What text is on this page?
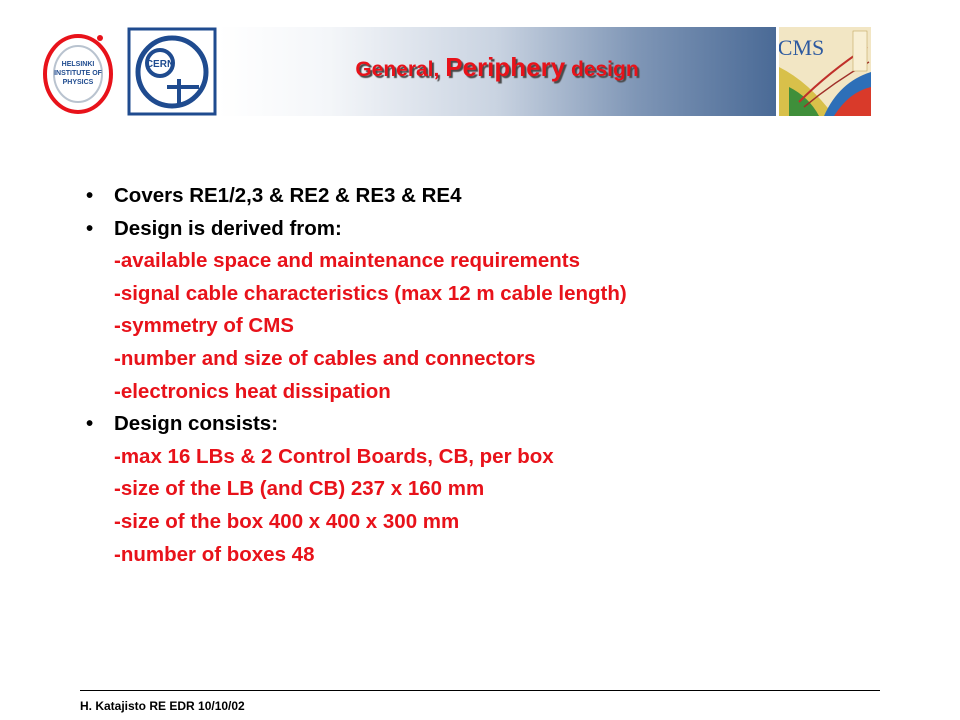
HELSINKI
INSTITUTE OF
PHYSICS
CERN	General, Periphery design
CMS
• Covers RE1/2,3 & RE2 & RE3 & RE4
• Design is derived from:
-available space and maintenance requirements
-signal cable characteristics (max 12 m cable length)
-symmetry of CMS
-number and size of cables and connectors
-electronics heat dissipation
• Design consists:
-max 16 LBs & 2 Control Boards, CB, per box
-size of the LB (and CB) 237 x 160 mm
-size of the box 400 x 400 x 300 mm
-number of boxes 48
H. Katajisto RE EDR 10/10/02
